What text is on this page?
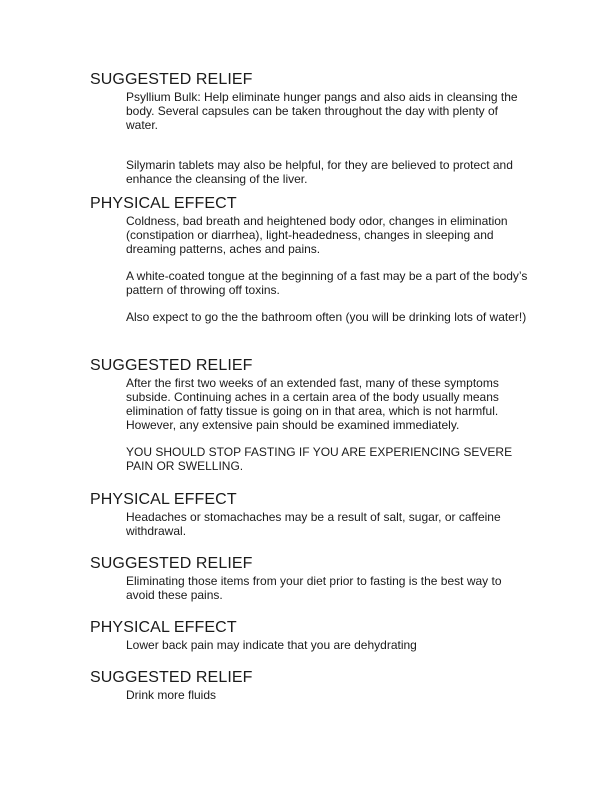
SUGGESTED RELIEF

Psyllium Bulk: Help eliminate hunger pangs and also aids in cleansing the body. Several capsules can be taken throughout the day with plenty of water.

Silymarin tablets may also be helpful, for they are believed to protect and enhance the cleansing of the liver.

PHYSICAL EFFECT

Coldness, bad breath and heightened body odor, changes in elimination (constipation or diarrhea), light-headedness, changes in sleeping and dreaming patterns, aches and pains.

A white-coated tongue at the beginning of a fast may be a part of the body’s pattern of throwing off toxins.

Also expect to go the the bathroom often (you will be drinking lots of water!)

SUGGESTED RELIEF

After the first two weeks of an extended fast, many of these symptoms subside. Continuing aches in a certain area of the body usually means elimination of fatty tissue is going on in that area, which is not harmful. However, any extensive pain should be examined immediately.

YOU SHOULD STOP FASTING IF YOU ARE EXPERIENCING SEVERE PAIN OR SWELLING.

PHYSICAL EFFECT

Headaches or stomachaches may be a result of salt, sugar, or caffeine withdrawal.

SUGGESTED RELIEF

Eliminating those items from your diet prior to fasting is the best way to avoid these pains.

PHYSICAL EFFECT

Lower back pain may indicate that you are dehydrating

SUGGESTED RELIEF

Drink more fluids
